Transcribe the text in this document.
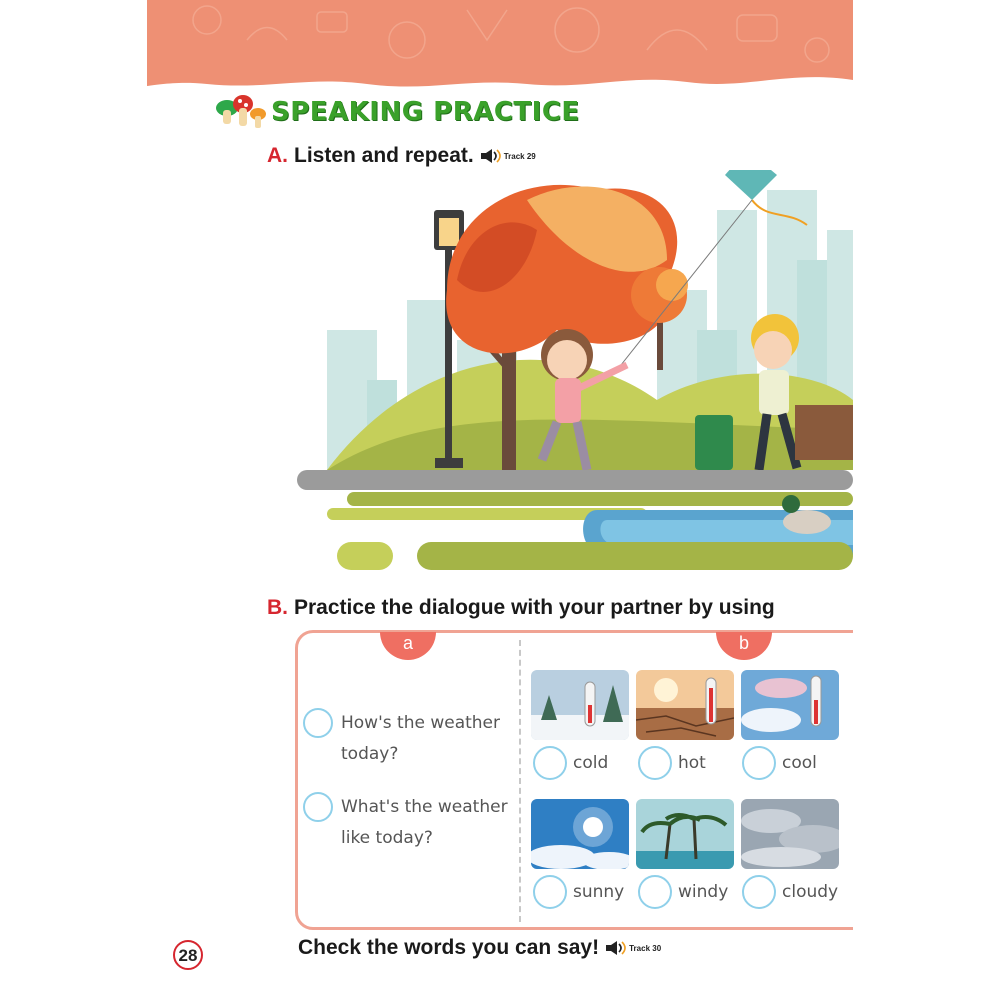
SPEAKING PRACTICE
A. Listen and repeat.	Track 29
B. Practice the dialogue with your partner by using
a	b
How's the weather today?
What's the weather like today?
cold	hot	cool
sunny	windy	cloudy
28	Check the words you can say!	Track 30
